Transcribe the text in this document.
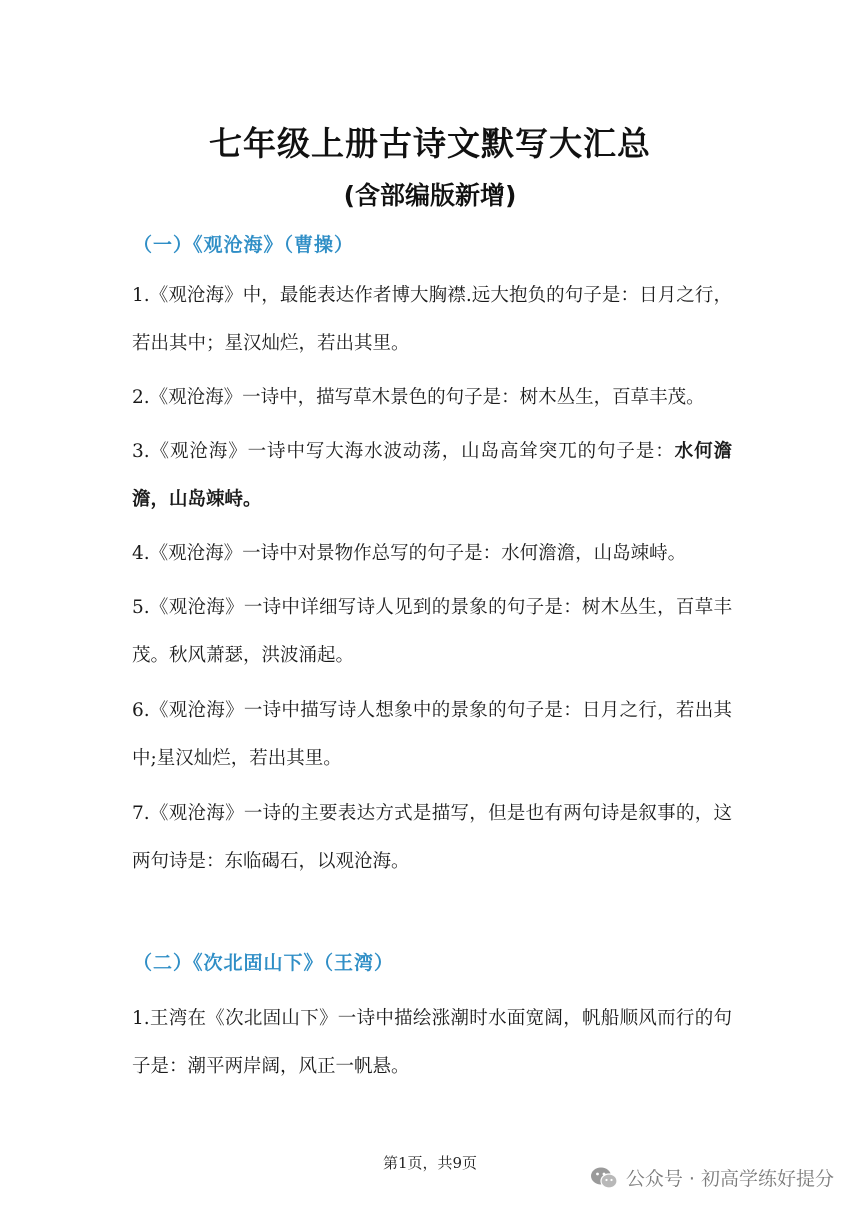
七年级上册古诗文默写大汇总
(含部编版新增)
（一）《观沧海》（曹操）
1.《观沧海》中，最能表达作者博大胸襟.远大抱负的句子是：日月之行，若出其中；星汉灿烂，若出其里。
2.《观沧海》一诗中，描写草木景色的句子是：树木丛生，百草丰茂。
3.《观沧海》一诗中写大海水波动荡，山岛高耸突兀的句子是：水何澹澹，山岛竦峙。
4.《观沧海》一诗中对景物作总写的句子是：水何澹澹，山岛竦峙。
5.《观沧海》一诗中详细写诗人见到的景象的句子是：树木丛生，百草丰茂。秋风萧瑟，洪波涌起。
6.《观沧海》一诗中描写诗人想象中的景象的句子是：日月之行，若出其中;星汉灿烂，若出其里。
7.《观沧海》一诗的主要表达方式是描写，但是也有两句诗是叙事的，这两句诗是：东临碣石，以观沧海。
（二）《次北固山下》（王湾）
1.王湾在《次北固山下》一诗中描绘涨潮时水面宽阔，帆船顺风而行的句子是：潮平两岸阔，风正一帆悬。
第1页，共9页
公众号 · 初高学练好提分
